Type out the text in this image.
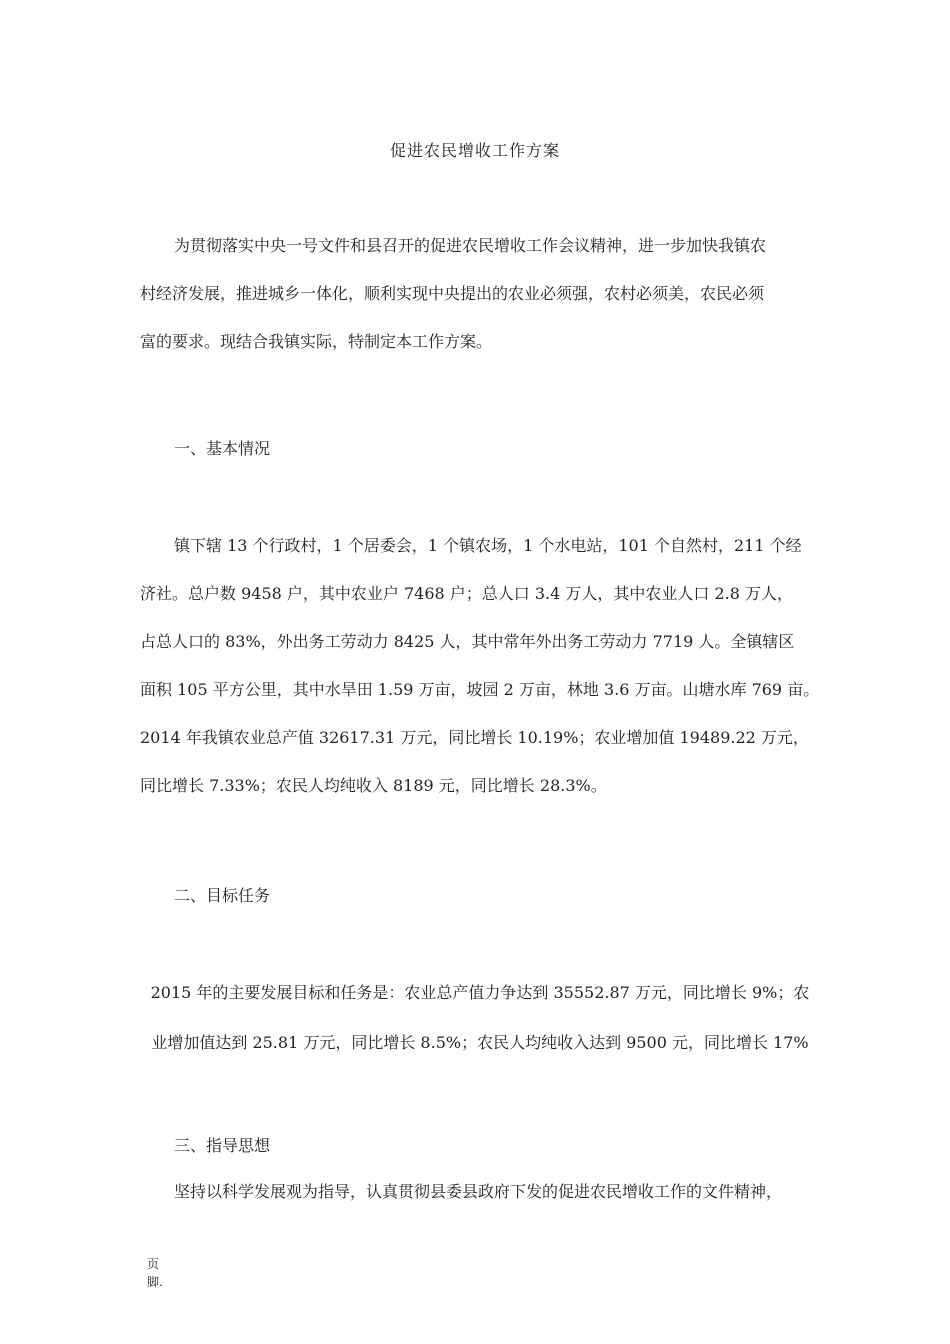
促进农民增收工作方案
为贯彻落实中央一号文件和县召开的促进农民增收工作会议精神，进一步加快我镇农
村经济发展，推进城乡一体化，顺利实现中央提出的农业必须强，农村必须美，农民必须
富的要求。现结合我镇实际，特制定本工作方案。
一、基本情况
镇下辖 13 个行政村，1 个居委会，1 个镇农场，1 个水电站，101 个自然村，211 个经
济社。总户数 9458 户，其中农业户 7468 户；总人口 3.4 万人，其中农业人口 2.8 万人，
占总人口的 83%，外出务工劳动力 8425 人，其中常年外出务工劳动力 7719 人。全镇辖区
面积 105 平方公里，其中水旱田 1.59 万亩，坡园 2 万亩，林地 3.6 万亩。山塘水库 769 亩。
2014 年我镇农业总产值 32617.31 万元，同比增长 10.19%；农业增加值 19489.22 万元，
同比增长 7.33%；农民人均纯收入 8189 元，同比增长 28.3%。
二、目标任务
2015 年的主要发展目标和任务是：农业总产值力争达到 35552.87 万元，同比增长 9%；农
业增加值达到 25.81 万元，同比增长 8.5%；农民人均纯收入达到 9500 元，同比增长 17%
三、指导思想
坚持以科学发展观为指导，认真贯彻县委县政府下发的促进农民增收工作的文件精神，
页
脚.
